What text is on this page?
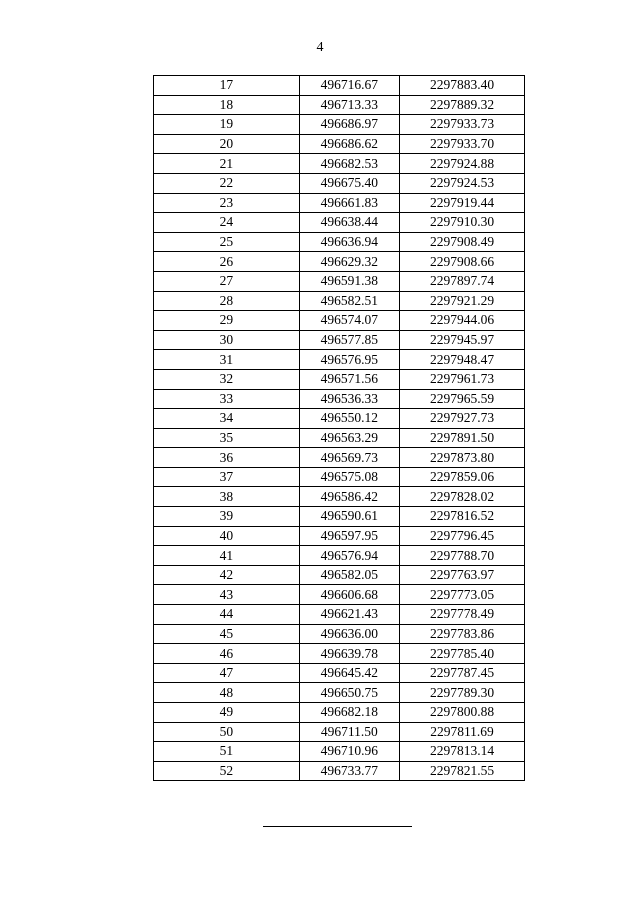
4
17	496716.67	2297883.40
18	496713.33	2297889.32
19	496686.97	2297933.73
20	496686.62	2297933.70
21	496682.53	2297924.88
22	496675.40	2297924.53
23	496661.83	2297919.44
24	496638.44	2297910.30
25	496636.94	2297908.49
26	496629.32	2297908.66
27	496591.38	2297897.74
28	496582.51	2297921.29
29	496574.07	2297944.06
30	496577.85	2297945.97
31	496576.95	2297948.47
32	496571.56	2297961.73
33	496536.33	2297965.59
34	496550.12	2297927.73
35	496563.29	2297891.50
36	496569.73	2297873.80
37	496575.08	2297859.06
38	496586.42	2297828.02
39	496590.61	2297816.52
40	496597.95	2297796.45
41	496576.94	2297788.70
42	496582.05	2297763.97
43	496606.68	2297773.05
44	496621.43	2297778.49
45	496636.00	2297783.86
46	496639.78	2297785.40
47	496645.42	2297787.45
48	496650.75	2297789.30
49	496682.18	2297800.88
50	496711.50	2297811.69
51	496710.96	2297813.14
52	496733.77	2297821.55
